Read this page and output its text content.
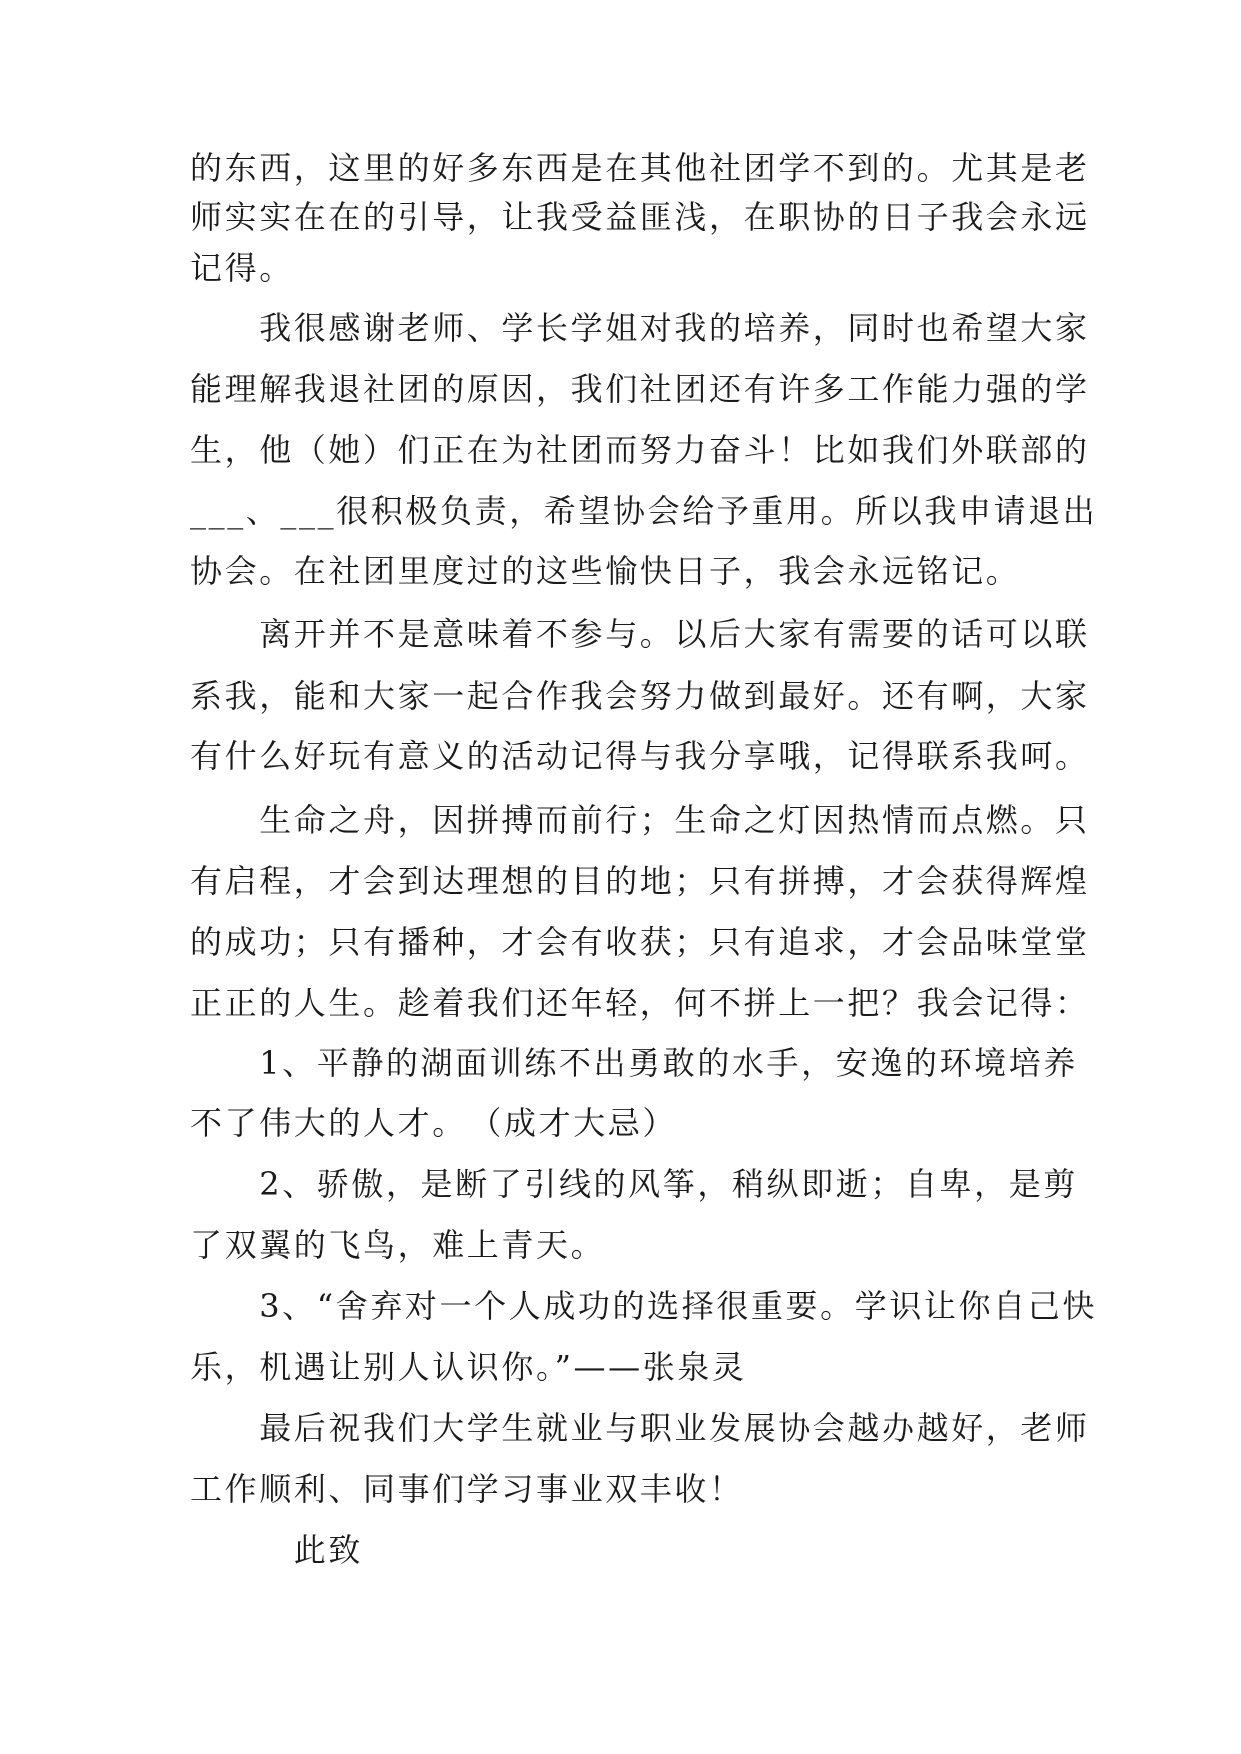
的东西，这里的好多东西是在其他社团学不到的。尤其是老
师实实在在的引导，让我受益匪浅，在职协的日子我会永远
记得。
　　我很感谢老师、学长学姐对我的培养，同时也希望大家
能理解我退社团的原因，我们社团还有许多工作能力强的学
生，他（她）们正在为社团而努力奋斗！比如我们外联部的
___、___很积极负责，希望协会给予重用。所以我申请退出
协会。在社团里度过的这些愉快日子，我会永远铭记。
　　离开并不是意味着不参与。以后大家有需要的话可以联
系我，能和大家一起合作我会努力做到最好。还有啊，大家
有什么好玩有意义的活动记得与我分享哦，记得联系我呵。
　　生命之舟，因拼搏而前行；生命之灯因热情而点燃。只
有启程，才会到达理想的目的地；只有拼搏，才会获得辉煌
的成功；只有播种，才会有收获；只有追求，才会品味堂堂
正正的人生。趁着我们还年轻，何不拼上一把？我会记得：
　　1、平静的湖面训练不出勇敢的水手，安逸的环境培养
不了伟大的人才。　（成才大忌）
　　2、骄傲，是断了引线的风筝，稍纵即逝；自卑，是剪
了双翼的飞鸟，难上青天。
　　3、“舍弃对一个人成功的选择很重要。学识让你自己快
乐，机遇让别人认识你。”——张泉灵
　　最后祝我们大学生就业与职业发展协会越办越好，老师
工作顺利、同事们学习事业双丰收！
　　　此致
